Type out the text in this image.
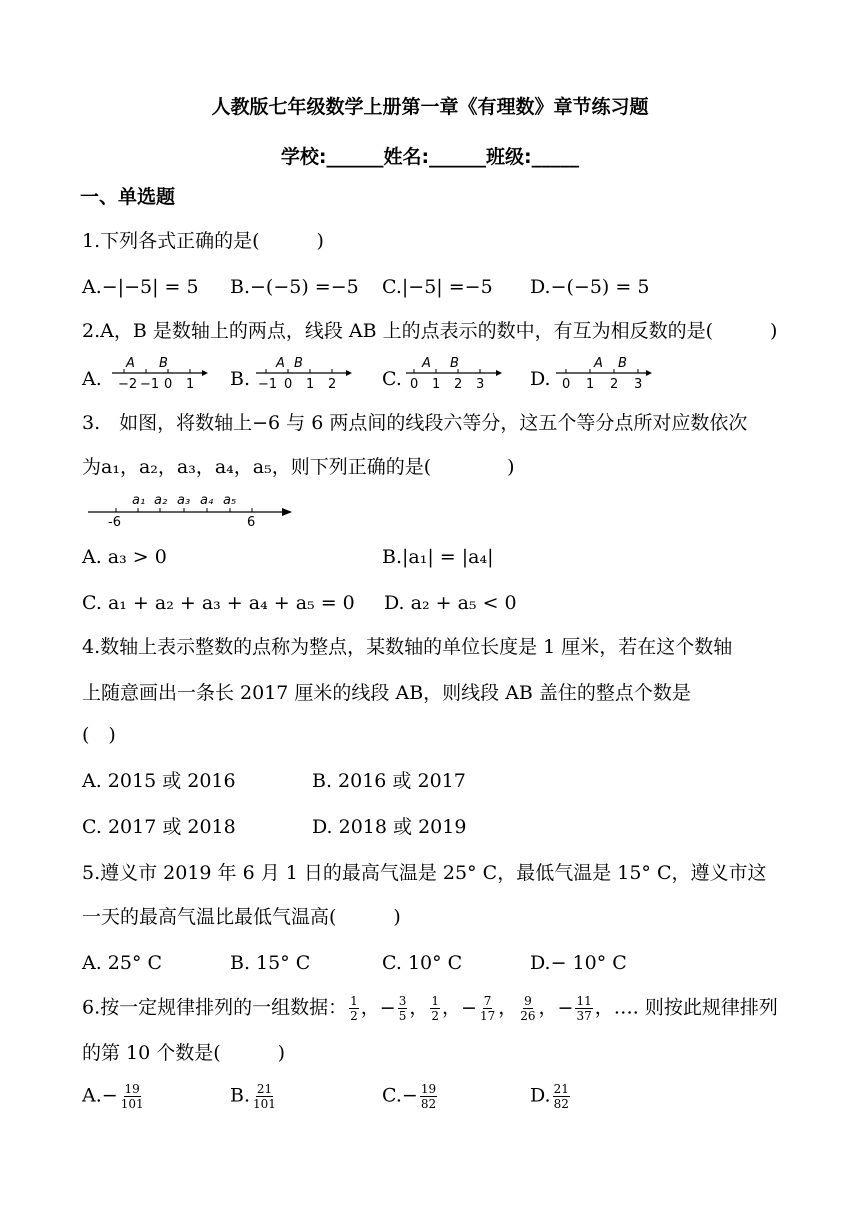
人教版七年级数学上册第一章《有理数》章节练习题
学校:______姓名:______班级:_____
一、单选题
1.下列各式正确的是(　　　)
A.−|−5| = 5 B.−(−5) =−5 C.|−5| =−5 D.−(−5) = 5
2.A，B 是数轴上的两点，线段 AB 上的点表示的数中，有互为相反数的是(　　　)
A.
A B
−2 −1 0 1 B.
A B
−1 0 1 2 C.
A B
0 1 2 3 D.
A B
0 1 2 3
3.　如图，将数轴上−6 与 6 两点间的线段六等分，这五个等分点所对应数依次
为a₁，a₂，a₃，a₄，a₅，则下列正确的是(　　　　)
a₁ a₂ a₃ a₄ a₅
-6	6
A. a₃ > 0	B.|a₁| = |a₄|
C. a₁ + a₂ + a₃ + a₄ + a₅ = 0 D. a₂ + a₅ < 0
4.数轴上表示整数的点称为整点，某数轴的单位长度是 1 厘米，若在这个数轴
上随意画出一条长 2017 厘米的线段 AB，则线段 AB 盖住的整点个数是
(　)
A. 2015 或 2016	B. 2016 或 2017
C. 2017 或 2018	D. 2018 或 2019
5.遵义市 2019 年 6 月 1 日的最高气温是 25° C，最低气温是 15° C，遵义市这
一天的最高气温比最低气温高(　　　)
A. 25° C	B. 15° C	C. 10° C	D.− 10° C
6.按一定规律排列的一组数据： $\frac{1}{2}$ ，− $\frac{3}{5}$ ， $\frac{1}{2}$ ，− $\frac{7}{17}$ ， $\frac{9}{26}$ ，− $\frac{11}{37}$ ，…. 则按此规律排列
的第 10 个数是(　　　)
$A.- \frac{19}{101}$	B. $\frac{21}{101}$	$C.- \frac{19}{82}$	D. $\frac{21}{82}$
